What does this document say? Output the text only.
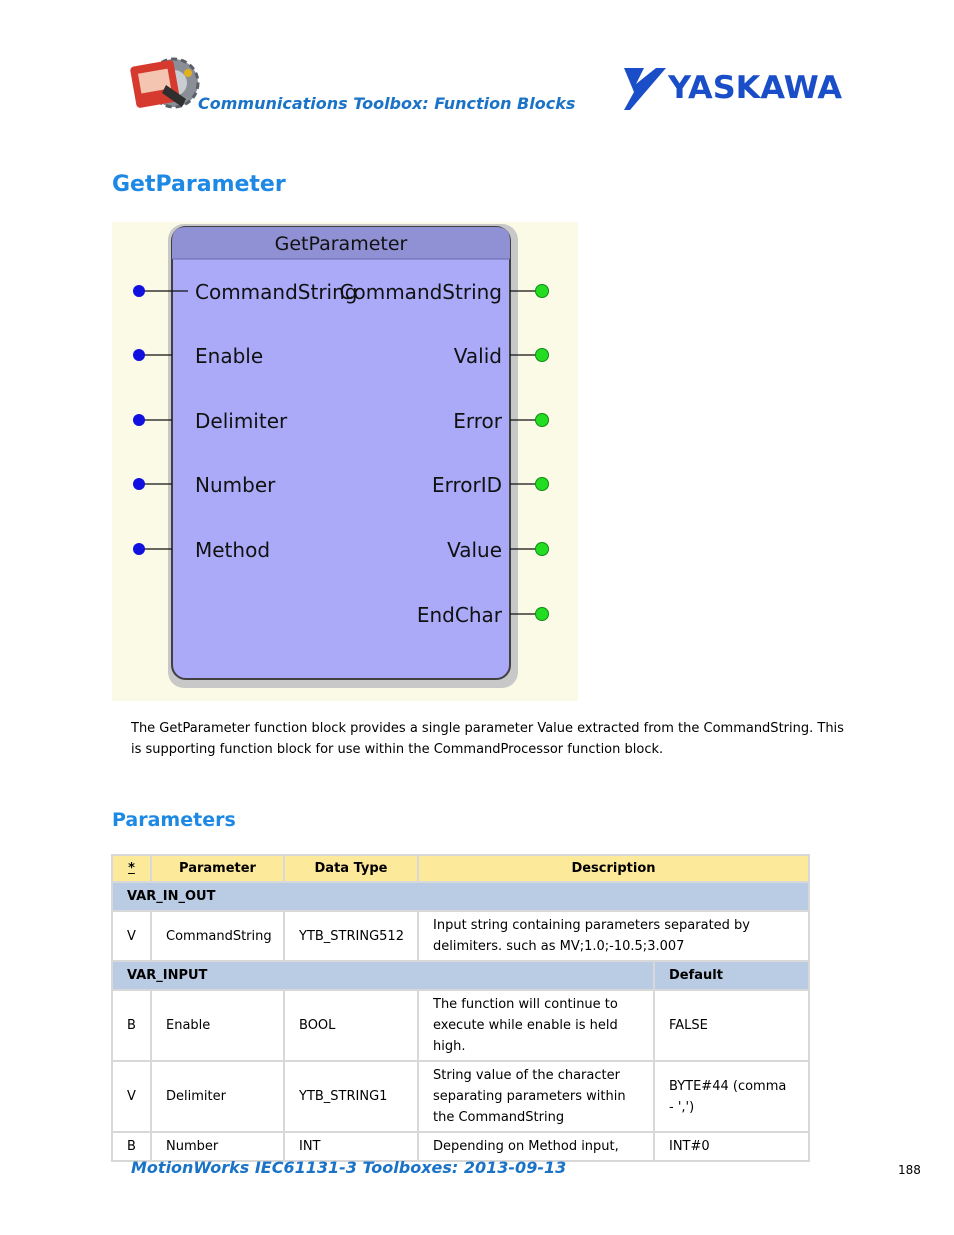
Communications Toolbox: Function Blocks	YASKAWA
GetParameter
GetParameter
CommandString
Enable
Delimiter
Number
Method
CommandString
Valid
Error
ErrorID
Value
EndChar
The GetParameter function block provides a single parameter Value extracted from the CommandString. This is supporting function block for use within the CommandProcessor function block.
Parameters
*	Parameter	Data Type	Description	
VAR_IN_OUT				
V	CommandString	YTB_STRING512	Input string containing parameters separated by delimiters. such as MV;1.0;-10.5;3.007	
VAR_INPUT				Default
B	Enable	BOOL	The function will continue to execute while enable is held high.	FALSE
V	Delimiter	YTB_STRING1	String value of the character separating parameters within the CommandString	BYTE#44 (comma - ',')
B	Number	INT	Depending on Method input,	INT#0
MotionWorks IEC61131-3 Toolboxes: 2013-09-13	188
